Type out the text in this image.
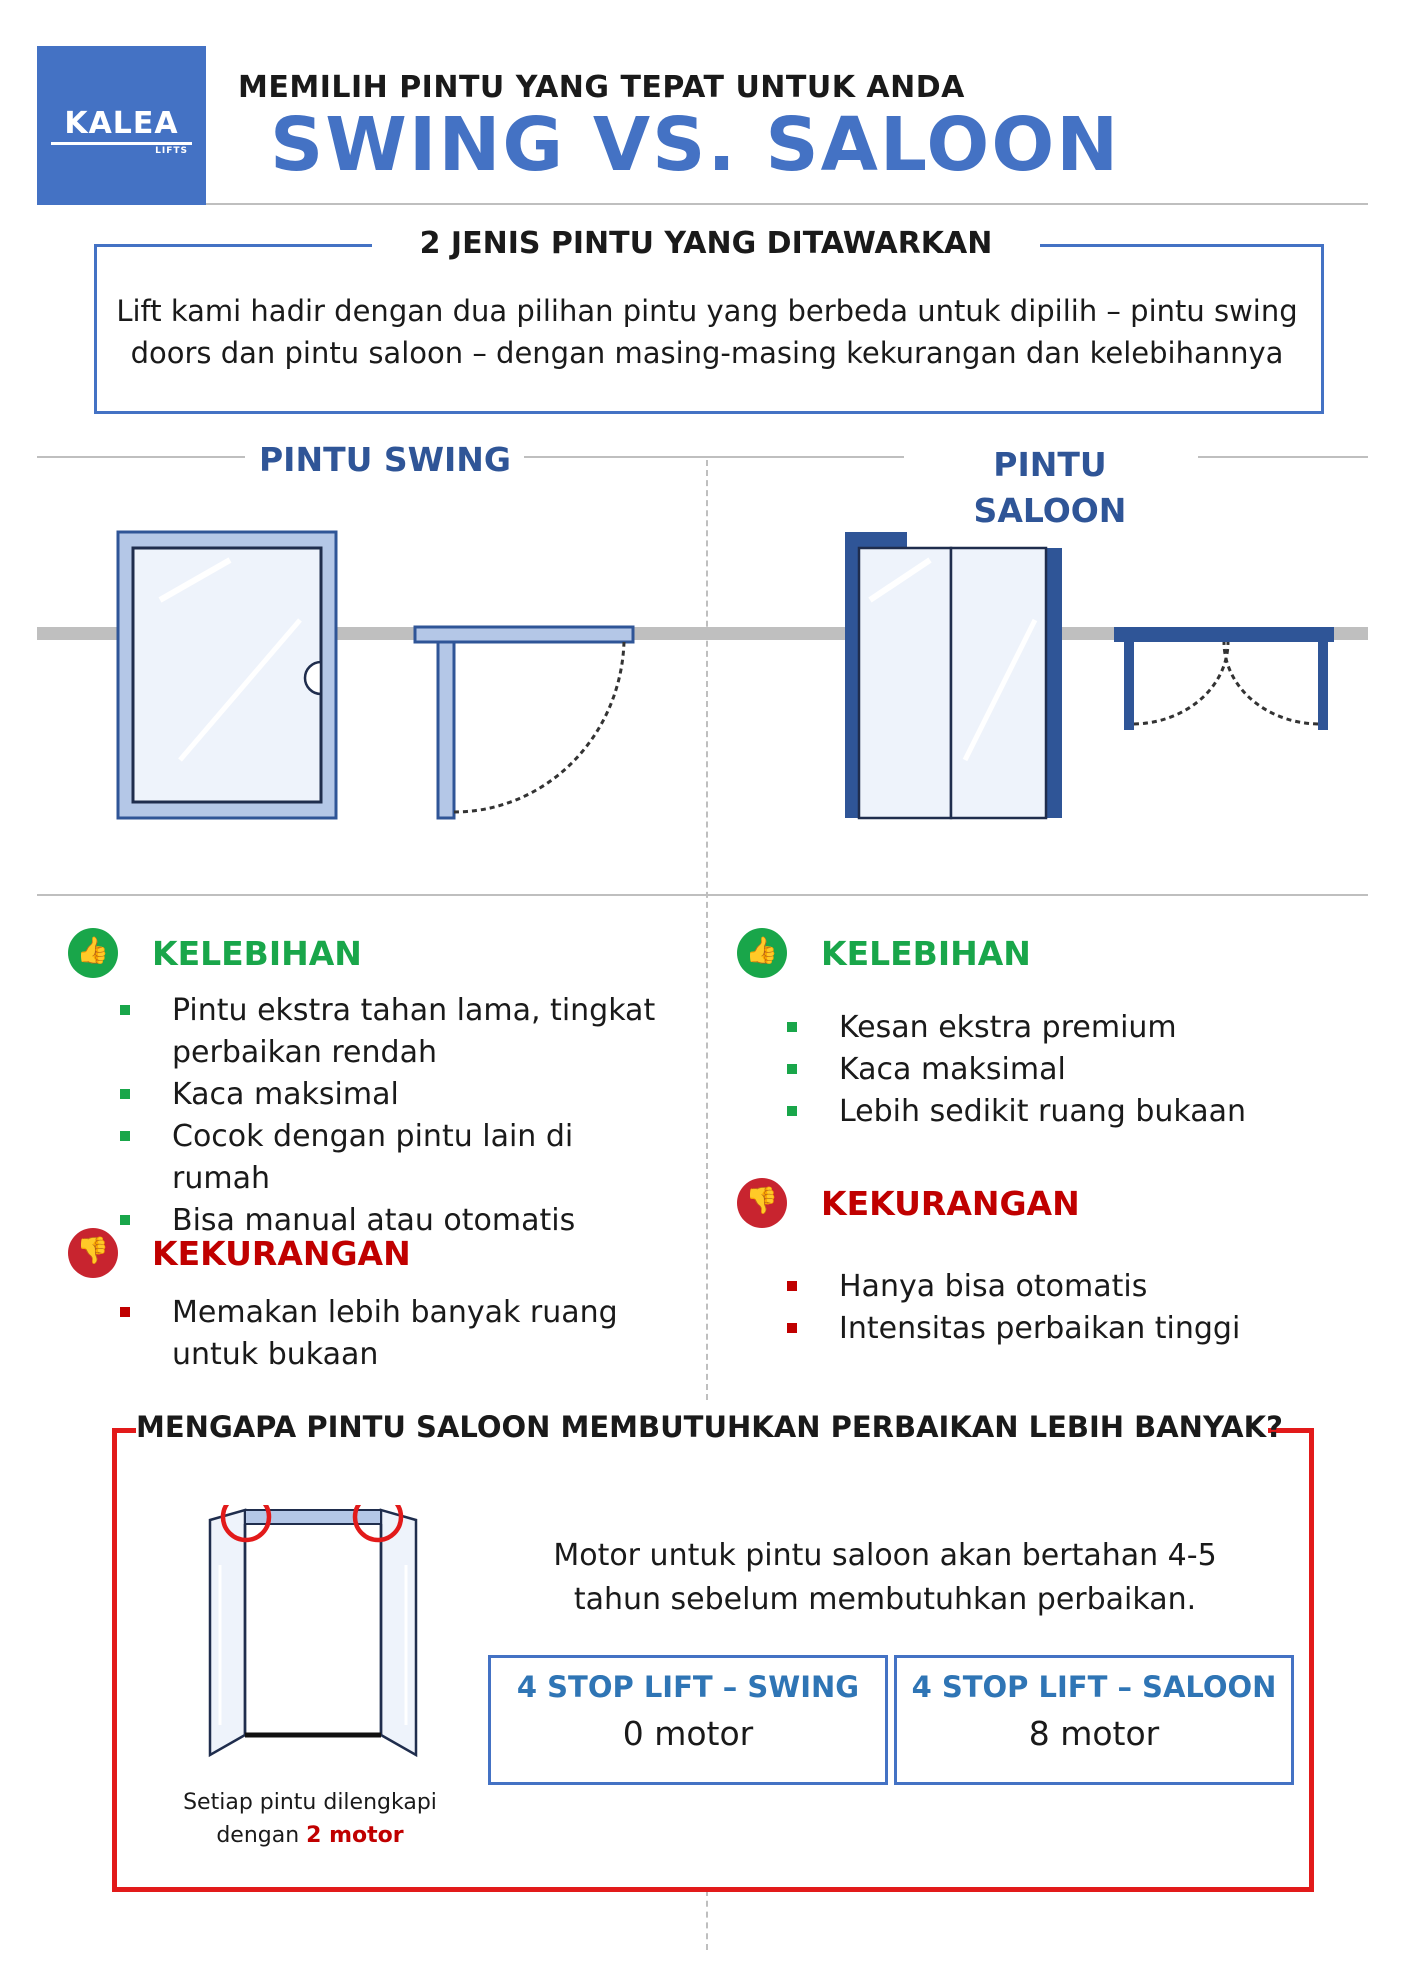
KALEA
LIFTS
MEMILIH PINTU YANG TEPAT UNTUK ANDA
SWING VS. SALOON
2 JENIS PINTU YANG DITAWARKAN
Lift kami hadir dengan dua pilihan pintu yang berbeda untuk dipilih – pintu swing
doors dan pintu saloon – dengan masing-masing kekurangan dan kelebihannya
PINTU SWING	PINTU
SALOON
👍 KELEBIHAN
Pintu ekstra tahan lama, tingkat perbaikan rendah
Kaca maksimal
Cocok dengan pintu lain di rumah
Bisa manual atau otomatis
👎 KEKURANGAN
Memakan lebih banyak ruang untuk bukaan
👍 KELEBIHAN
Kesan ekstra premium
Kaca maksimal
Lebih sedikit ruang bukaan
👎 KEKURANGAN
Hanya bisa otomatis
Intensitas perbaikan tinggi
MENGAPA PINTU SALOON MEMBUTUHKAN PERBAIKAN LEBIH BANYAK?
Setiap pintu dilengkapi
dengan 2 motor
Motor untuk pintu saloon akan bertahan 4-5
tahun sebelum membutuhkan perbaikan.
4 STOP LIFT – SWING
0 motor
4 STOP LIFT – SALOON
8 motor
